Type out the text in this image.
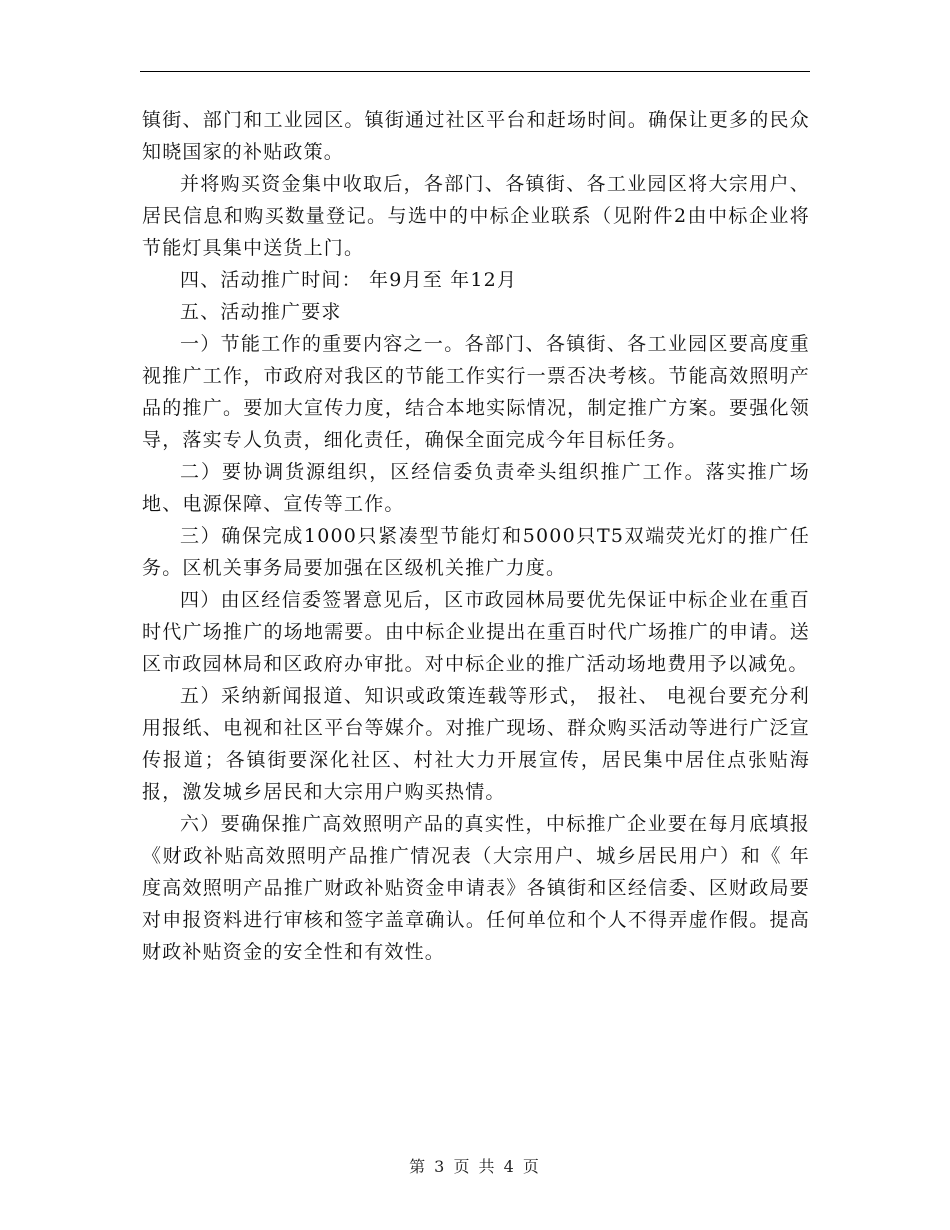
镇街、部门和工业园区。镇街通过社区平台和赶场时间。确保让更多的民众知晓国家的补贴政策。

并将购买资金集中收取后，各部门、各镇街、各工业园区将大宗用户、居民信息和购买数量登记。与选中的中标企业联系（见附件2由中标企业将节能灯具集中送货上门。

四、活动推广时间： 年9月至 年12月

五、活动推广要求

一）节能工作的重要内容之一。各部门、各镇街、各工业园区要高度重视推广工作，市政府对我区的节能工作实行一票否决考核。节能高效照明产品的推广。要加大宣传力度，结合本地实际情况，制定推广方案。要强化领导，落实专人负责，细化责任，确保全面完成今年目标任务。

二）要协调货源组织，区经信委负责牵头组织推广工作。落实推广场地、电源保障、宣传等工作。

三）确保完成1000只紧凑型节能灯和5000只T5双端荧光灯的推广任务。区机关事务局要加强在区级机关推广力度。

四）由区经信委签署意见后，区市政园林局要优先保证中标企业在重百时代广场推广的场地需要。由中标企业提出在重百时代广场推广的申请。送区市政园林局和区政府办审批。对中标企业的推广活动场地费用予以减免。

五）采纳新闻报道、知识或政策连载等形式， 报社、 电视台要充分利用报纸、电视和社区平台等媒介。对推广现场、群众购买活动等进行广泛宣传报道；各镇街要深化社区、村社大力开展宣传，居民集中居住点张贴海报，激发城乡居民和大宗用户购买热情。

六）要确保推广高效照明产品的真实性，中标推广企业要在每月底填报《财政补贴高效照明产品推广情况表（大宗用户、城乡居民用户）和《 年度高效照明产品推广财政补贴资金申请表》各镇街和区经信委、区财政局要对申报资料进行审核和签字盖章确认。任何单位和个人不得弄虚作假。提高财政补贴资金的安全性和有效性。

第 3 页 共 4 页
